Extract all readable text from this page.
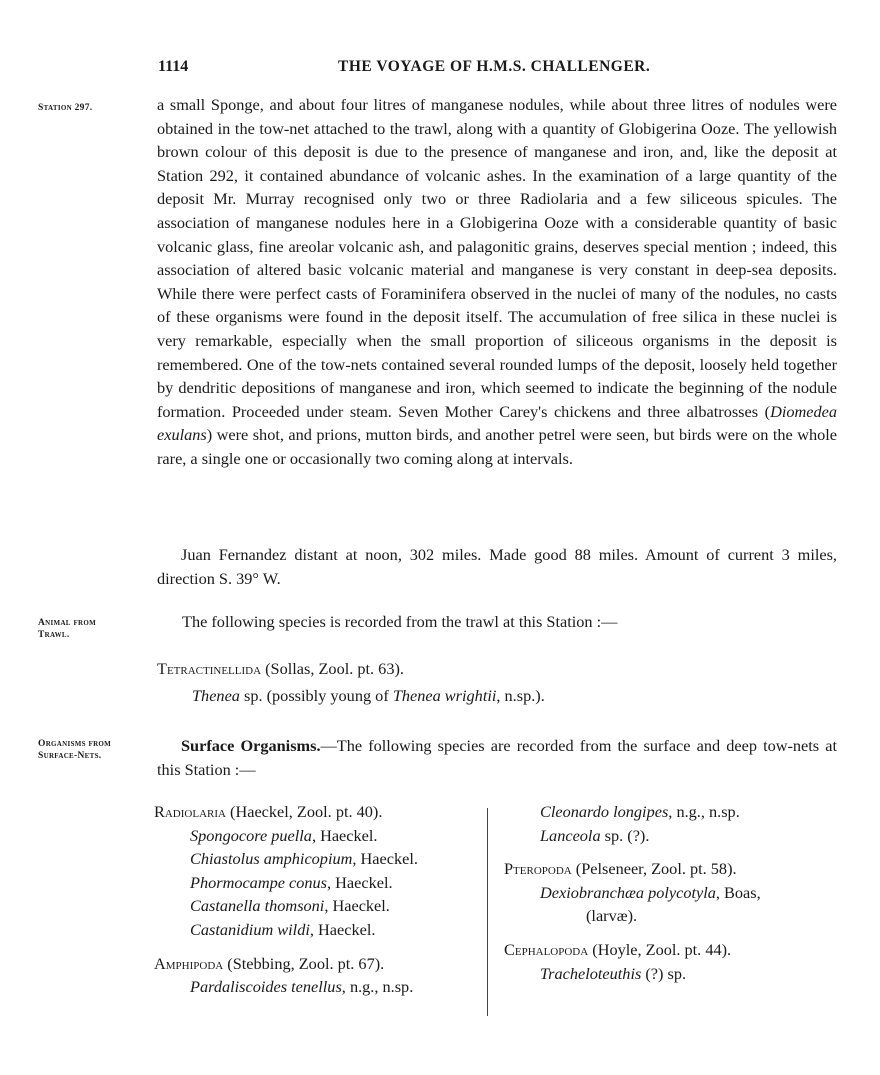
1114	THE VOYAGE OF H.M.S. CHALLENGER.
Station 297.	a small Sponge, and about four litres of manganese nodules, while about three litres of nodules were obtained in the tow-net attached to the trawl, along with a quantity of Globigerina Ooze. The yellowish brown colour of this deposit is due to the presence of manganese and iron, and, like the deposit at Station 292, it contained abundance of volcanic ashes. In the examination of a large quantity of the deposit Mr. Murray recognised only two or three Radiolaria and a few siliceous spicules. The association of manganese nodules here in a Globigerina Ooze with a considerable quantity of basic volcanic glass, fine areolar volcanic ash, and palagonitic grains, deserves special mention ; indeed, this association of altered basic volcanic material and manganese is very constant in deep-sea deposits. While there were perfect casts of Foraminifera observed in the nuclei of many of the nodules, no casts of these organisms were found in the deposit itself. The accumulation of free silica in these nuclei is very remarkable, especially when the small proportion of siliceous organisms in the deposit is remembered. One of the tow-nets contained several rounded lumps of the deposit, loosely held together by dendritic depositions of manganese and iron, which seemed to indicate the beginning of the nodule formation. Proceeded under steam. Seven Mother Carey's chickens and three albatrosses (Diomedea exulans) were shot, and prions, mutton birds, and another petrel were seen, but birds were on the whole rare, a single one or occasionally two coming along at intervals.
Juan Fernandez distant at noon, 302 miles. Made good 88 miles. Amount of current 3 miles, direction S. 39° W.
Animal from
Trawl.
The following species is recorded from the trawl at this Station :—
Tetractinellida (Sollas, Zool. pt. 63).
Thenea sp. (possibly young of Thenea wrightii, n.sp.).
Organisms from
Surface-Nets.
Surface Organisms.—The following species are recorded from the surface and deep tow-nets at this Station :—
Radiolaria (Haeckel, Zool. pt. 40).
Spongocore puella, Haeckel.
Chiastolus amphicopium, Haeckel.
Phormocampe conus, Haeckel.
Castanella thomsoni, Haeckel.
Castanidium wildi, Haeckel.
Amphipoda (Stebbing, Zool. pt. 67).
Pardaliscoides tenellus, n.g., n.sp.
Cleonardo longipes, n.g., n.sp.
Lanceola sp. (?).
Pteropoda (Pelseneer, Zool. pt. 58).
Dexiobranchæa polycotyla, Boas,
(larvæ).
Cephalopoda (Hoyle, Zool. pt. 44).
Tracheloteuthis (?) sp.
